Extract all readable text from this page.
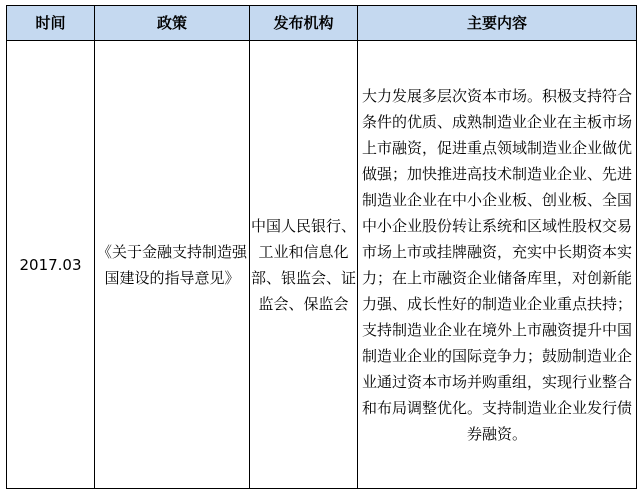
时间	政策	发布机构	主要内容
2017.03	《关于金融支持制造强国建设的指导意见》	中国人民银行、工业和信息化部、银监会、证监会、保监会	大力发展多层次资本市场。积极支持符合条件的优质、成熟制造业企业在主板市场上市融资，促进重点领域制造业企业做优做强；加快推进高技术制造业企业、先进制造业企业在中小企业板、创业板、全国中小企业股份转让系统和区域性股权交易市场上市或挂牌融资，充实中长期资本实力；在上市融资企业储备库里，对创新能力强、成长性好的制造业企业重点扶持；支持制造业企业在境外上市融资提升中国制造业企业的国际竞争力；鼓励制造业企业通过资本市场并购重组，实现行业整合和布局调整优化。支持制造业企业发行债券融资。
